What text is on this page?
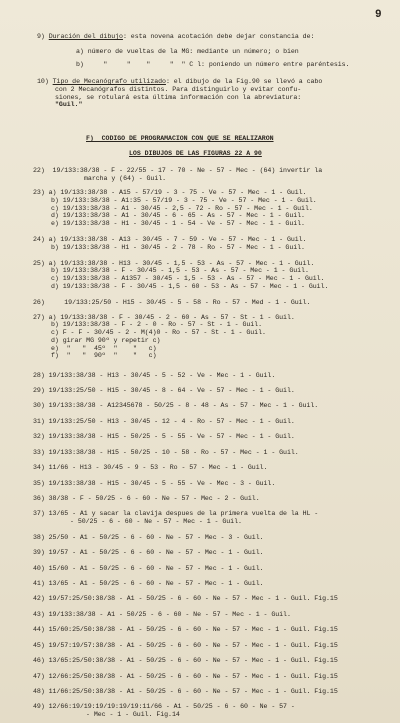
9
9) Duración del dibujo: esta novena acotación debe dejar constancia de:
a) número de vueltas de la MG: mediante un número; o bien
b)     "     "    "     "  " C l: poniendo un número entre paréntesis.
10) Tipo de Mecanógrafo utilizado: el dibujo de la Fig.90 se llevó a cabo
con 2 Mecanógrafos distintos. Para distinguirlo y evitar confu-
siones, se rotulará esta última información con la abreviatura:
"Guil."
F)  CODIGO DE PROGRAMACION CON QUE SE REALIZARON
LOS DIBUJOS DE LAS FIGURAS 22 A 90
22)  19/133:38/38 - F - 22/55 - 17 - 70 - Ne - 57 - Mec - (64) invertir la
marcha y (64) - Guil.
23) a) 19/133:38/38 - A15 - 57/19 - 3 - 75 - Ve - 57 - Mec - 1 - Guil.
b) 19/133:38/38 - A1:35 - 57/19 - 3 - 75 - Ve - 57 - Mec - 1 - Guil.
c) 19/133:38/38 - A1 - 30/45 - 2,5 - 72 - Ro - 57 - Mec - 1 - Guil.
d) 19/133:38/38 - A1 - 30/45 - 6 - 65 - As - 57 - Mec - 1 - Guil.
e) 19/133:38/38 - H1 - 30/45 - 1 - 54 - Ve - 57 - Mec - 1 - Guil.
24) a) 19/133:38/38 - A13 - 30/45 - 7 - 59 - Ve - 57 - Mec - 1 - Guil.
b) 19/133:38/38 - H1 - 30/45 - 2 - 78 - Ro - 57 - Mec - 1 - Guil.
25) a) 19/133:38/38 - H13 - 30/45 - 1,5 - 53 - As - 57 - Mec - 1 - Guil.
b) 19/133:38/38 - F - 30/45 - 1,5 - 53 - As - 57 - Mec - 1 - Guil.
c) 19/133:38/38 - A1357 - 30/45 - 1,5 - 53 - As - 57 - Mec - 1 - Guil.
d) 19/133:38/38 - F - 30/45 - 1,5 - 60 - 53 - As - 57 - Mec - 1 - Guil.
26)     19/133:25/50 - H15 - 30/45 - 5 - 58 - Ro - 57 - Med - 1 - Guil.
27) a) 19/133:38/38 - F - 30/45 - 2 - 60 - As - 57 - St - 1 - Guil.
b) 19/133:38/38 - F - 2 - 0 - Ro - 57 - St - 1 - Guil.
c) F - F - 30/45 - 2 - M(4)0 - Ro - 57 - St - 1 - Guil.
d) girar MG 90º y repetir c)
e)  "   "  45º  "    "   c)
f)  "   "  90º  "    "   c)
28) 19/133:38/38 - H13 - 30/45 - 5 - 52 - Ve - Mec - 1 - Guil.
29) 19/133:25/50 - H15 - 30/45 - 8 - 64 - Ve - 57 - Mec - 1 - Guil.
30) 19/133:38/38 - A12345678 - 50/25 - 8 - 48 - As - 57 - Mec - 1 - Guil.
31) 19/133:25/50 - H13 - 30/45 - 12 - 4 - Ro - 57 - Mec - 1 - Guil.
32) 19/133:38/38 - H15 - 50/25 - 5 - 55 - Ve - 57 - Mec - 1 - Guil.
33) 19/133:38/38 - H15 - 50/25 - 10 - 58 - Ro - 57 - Mec - 1 - Guil.
34) 11/66 - H13 - 30/45 - 9 - 53 - Ro - 57 - Mec - 1 - Guil.
35) 19/133:38/38 - H15 - 30/45 - 5 - 55 - Ve - Mec - 3 - Guil.
36) 38/38 - F - 50/25 - 6 - 60 - Ne - 57 - Mec - 2 - Guil.
37) 13/65 - A1 y sacar la clavija despues de la primera vuelta de la HL -
- 50/25 - 6 - 60 - Ne - 57 - Mec - 1 - Guil.
38) 25/50 - A1 - 50/25 - 6 - 60 - Ne - 57 - Mec - 3 - Guil.
39) 19/57 - A1 - 50/25 - 6 - 60 - Ne - 57 - Mec - 1 - Guil.
40) 15/60 - A1 - 50/25 - 6 - 60 - Ne - 57 - Mec - 1 - Guil.
41) 13/65 - A1 - 50/25 - 6 - 60 - Ne - 57 - Mec - 1 - Guil.
42) 19/57:25/50:38/38 - A1 - 50/25 - 6 - 60 - Ne - 57 - Mec - 1 - Guil. Fig.15
43) 19/133:38/38 - A1 - 50/25 - 6 - 60 - Ne - 57 - Mec - 1 - Guil.
44) 15/60:25/50:38/38 - A1 - 50/25 - 6 - 60 - Ne - 57 - Mec - 1 - Guil. Fig.15
45) 19/57:19/57:38/38 - A1 - 50/25 - 6 - 60 - Ne - 57 - Mec - 1 - Guil. Fig.15
46) 13/65:25/50:38/38 - A1 - 50/25 - 6 - 60 - Ne - 57 - Mec - 1 - Guil. Fig.15
47) 12/66:25/50:38/38 - A1 - 50/25 - 6 - 60 - Ne - 57 - Mec - 1 - Guil. Fig.15
48) 11/66:25/50:38/38 - A1 - 50/25 - 6 - 60 - Ne - 57 - Mec - 1 - Guil. Fig.15
49) 12/66:19/19:19/19:19/19:11/66 - A1 - 50/25 - 6 - 60 - Ne - 57 -
- Mec - 1 - Guil. Fig.14
